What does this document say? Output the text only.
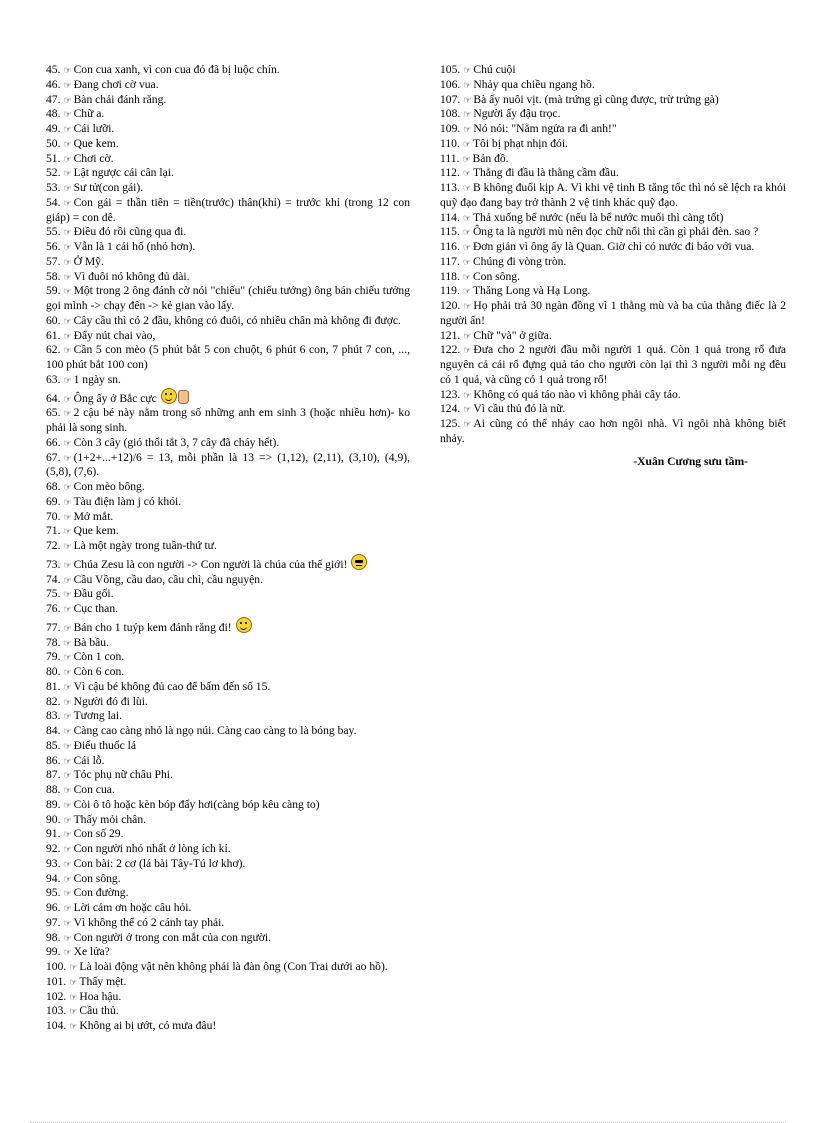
45. ☞ Con cua xanh, vì con cua đỏ đã bị luộc chín.

46. ☞ Đang chơi cờ vua.

47. ☞ Bàn chải đánh răng.

48. ☞ Chữ a.

49. ☞ Cái lưỡi.

50. ☞ Que kem.

51. ☞ Chơi cờ.

52. ☞ Lật ngược cái cân lại.

53. ☞ Sư tử(con gái).

54. ☞ Con gái = thần tiên = tiền(trước) thân(khỉ) = trước khỉ (trong 12 con giáp) = con dê.

55. ☞ Điều đó rồi cũng qua đi.

56. ☞ Vẫn là 1 cái hố (nhỏ hơn).

57. ☞ Ở Mỹ.

58. ☞ Vì đuôi nó không đủ dài.

59. ☞ Một trong 2 ông đánh cờ nói "chiếu" (chiếu tướng) ông bán chiếu tưởng gọi mình -> chạy đến -> kẻ gian vào lấy.

60. ☞ Cây cầu thì có 2 đầu, không có đuôi, có nhiều chân mà không đi được.

61. ☞ Đẩy nút chai vào,

62. ☞ Cần 5 con mèo (5 phút bắt 5 con chuột, 6 phút 6 con, 7 phút 7 con, ..., 100 phút bắt 100 con)

63. ☞ 1 ngày sn.

64. ☞ Ông ấy ở Bắc cực

65. ☞ 2 cậu bé này nằm trong số những anh em sinh 3 (hoặc nhiều hơn)- ko phải là song sinh.

66. ☞ Còn 3 cây (gió thổi tắt 3, 7 cây đã cháy hết).

67. ☞ (1+2+...+12)/6 = 13, mỗi phần là 13 => (1,12), (2,11), (3,10), (4,9), (5,8), (7,6).

68. ☞ Con mèo bông.

69. ☞ Tàu điện làm j có khói.

70. ☞ Mở mắt.

71. ☞ Que kem.

72. ☞ Là một ngày trong tuần-thứ tư.

73. ☞ Chúa Zesu là con người -> Con người là chúa của thế giới!

74. ☞ Cầu Vồng, cầu dao, cầu chì, cầu nguyện.

75. ☞ Đầu gối.

76. ☞ Cục than.

77. ☞ Bán cho 1 tuýp kem đánh răng đi!

78. ☞ Bà bầu.

79. ☞ Còn 1 con.

80. ☞ Còn 6 con.

81. ☞ Vì cậu bé không đủ cao để bấm đến số 15.

82. ☞ Người đó đi lùi.

83. ☞ Tương lai.

84. ☞ Càng cao càng nhỏ là ngọ núi. Càng cao càng to là bóng bay.

85. ☞ Điếu thuốc lá

86. ☞ Cái lỗ.

87. ☞ Tóc phụ nữ châu Phi.

88. ☞ Con cua.

89. ☞ Còi ô tô hoặc kèn bóp đẩy hơi(càng bóp kêu càng to)

90. ☞ Thấy mỏi chân.

91. ☞ Con số 29.

92. ☞ Con người nhỏ nhất ở lòng ích kỉ.

93. ☞ Con bài: 2 cơ (lá bài Tây-Tú lơ khơ).

94. ☞ Con sông.

95. ☞ Con đường.

96. ☞ Lời cảm ơn hoặc câu hỏi.

97. ☞ Vì không thể có 2 cánh tay phải.

98. ☞ Con người ở trong con mắt của con người.

99. ☞ Xe lửa?

100. ☞ Là loài động vật nên không phải là đàn ông (Con Trai dưới ao hồ).

101. ☞ Thấy mệt.

102. ☞ Hoa hậu.

103. ☞ Cầu thủ.

104. ☞ Không ai bị ướt, có mưa đâu!

105. ☞ Chú cuội

106. ☞ Nhảy qua chiều ngang hồ.

107. ☞ Bà ấy nuôi vịt. (mà trứng gì cũng được, trừ trứng gà)

108. ☞ Người ấy đậu trọc.

109. ☞ Nó nói: "Nằm ngửa ra đi anh!"

110. ☞ Tôi bị phạt nhịn đói.

111. ☞ Bản đồ.

112. ☞ Thằng đi đầu là thằng cầm đầu.

113. ☞ B không đuổi kịp A. Vì khi vệ tinh B tăng tốc thì nó sẽ lệch ra khỏi quỹ đạo đang bay trở thành 2 vệ tinh khác quỹ đạo.

114. ☞ Thả xuống bể nước (nếu là bể nước muối thì càng tốt)

115. ☞ Ông ta là người mù nên đọc chữ nổi thì cần gì phải đèn. sao ?

116. ☞ Đơn giản vì ông ấy là Quan. Giờ chỉ có nước đi báo với vua.

117. ☞ Chúng đi vòng tròn.

118. ☞ Con sông.

119. ☞ Thăng Long và Hạ Long.

120. ☞ Họ phải trả 30 ngàn đồng vì 1 thằng mù và ba của thằng điếc là 2 người ấn!

121. ☞ Chữ "và" ở giữa.

122. ☞ Đưa cho 2 người đầu mỗi người 1 quả. Còn 1 quả trong rổ đưa nguyên cả cái rổ đựng quả táo cho người còn lại thì 3 người mỗi ng đều có 1 quả, và cũng có 1 quả trong rổ!

123. ☞ Không có quả táo nào vì không phải cây táo.

124. ☞ Vì cầu thủ đó là nữ.

125. ☞ Ai cũng có thể nhảy cao hơn ngôi nhà. Vì ngôi nhà không biết nhảy.

-Xuân Cương sưu tầm-
